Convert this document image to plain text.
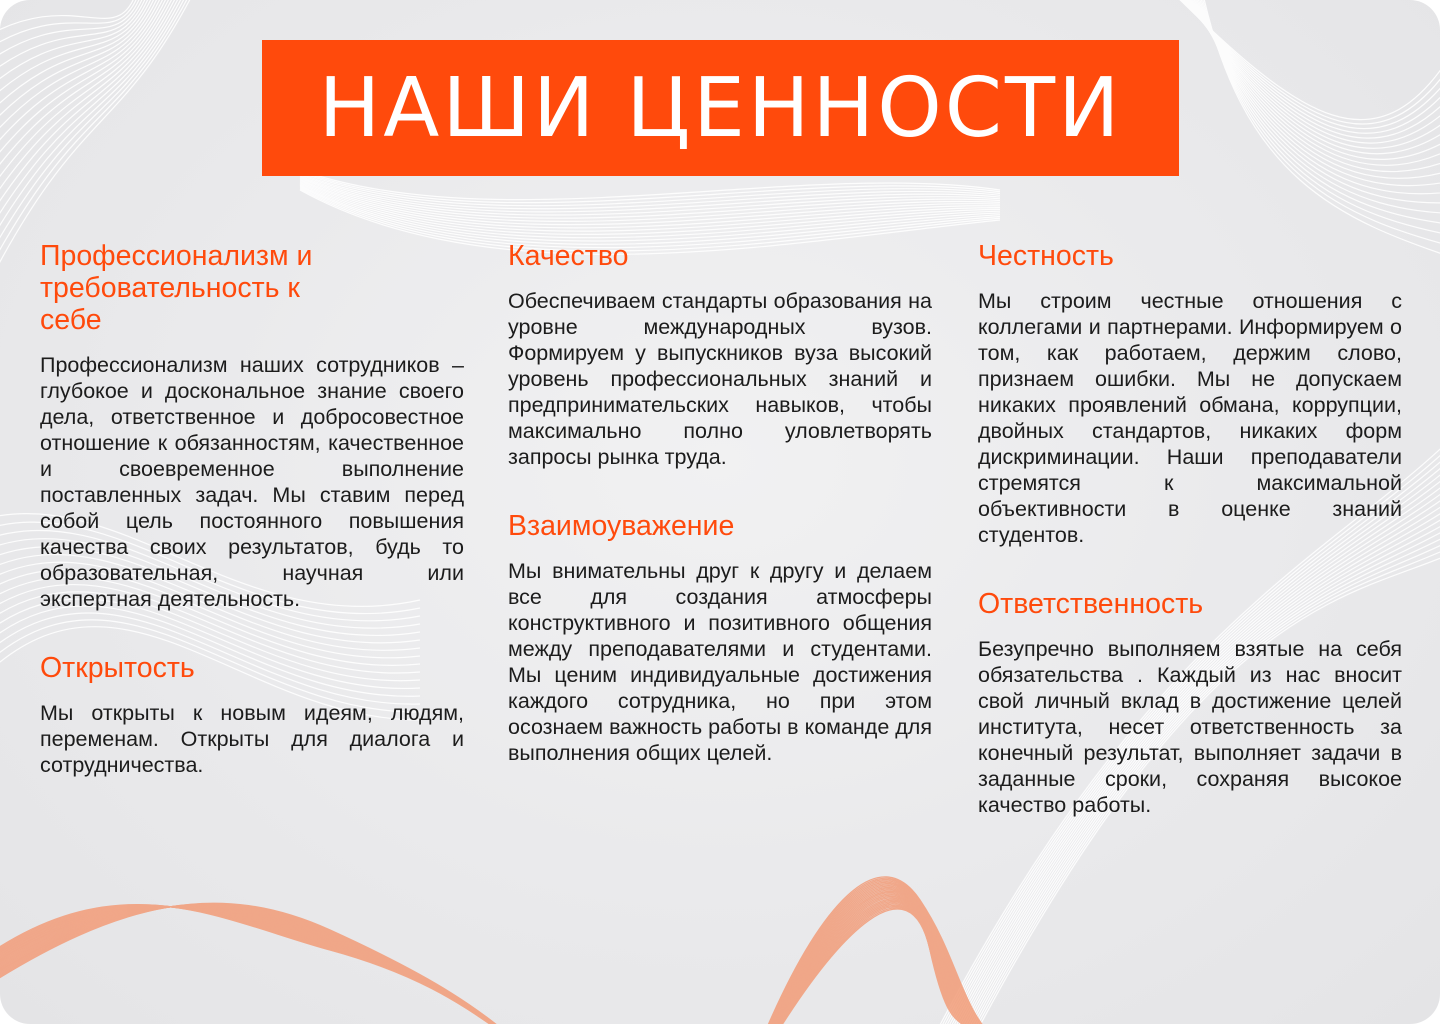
НАШИ ЦЕННОСТИ
Профессионализм и требовательность к себе

Профессионализм наших сотрудников – глубокое и досконaльное знание своего дела, ответственное и добросовестное отношение к обязанностям, качественное и своевременное выполнение поставленных задач. Мы ставим перед собой цель постоянного повышения качества своих результатов, будь то образовательная, научная или экспертная деятельность.

Открытость

Мы открыты к новым идеям, людям, переменам. Открыты для диалога и сотрудничества.

Качество

Обеспечиваем стандарты образования на уровне международных вузов. Формируем у выпускников вуза высокий уровень профессиональных знаний и предпринимательских навыков, чтобы максимально полно уловлетворять запросы рынка труда.

Взаимоуважение

Мы внимательны друг к другу и делаем все для создания атмосферы конструктивного и позитивного общения между преподавателями и студентами. Мы ценим индивидуальные достижения каждого сотрудника, но при этом осознаем важность работы в команде для выполнения общих целей.

Честность

Мы строим честные отношения с коллегами и партнерами. Информируем о том, как работаем, держим слово, признаем ошибки. Мы не допускаем никаких проявлений обмана, коррупции, двойных стандартов, никаких форм дискриминации. Наши преподаватели стремятся к максимальной объективности в оценке знаний студентов.

Ответственность

Безупречно выполняем взятые на себя обязательства . Каждый из нас вносит свой личный вклад в достижение целей института, несет ответственность за конечный результат, выполняет задачи в заданные сроки, сохраняя высокое качество работы.
